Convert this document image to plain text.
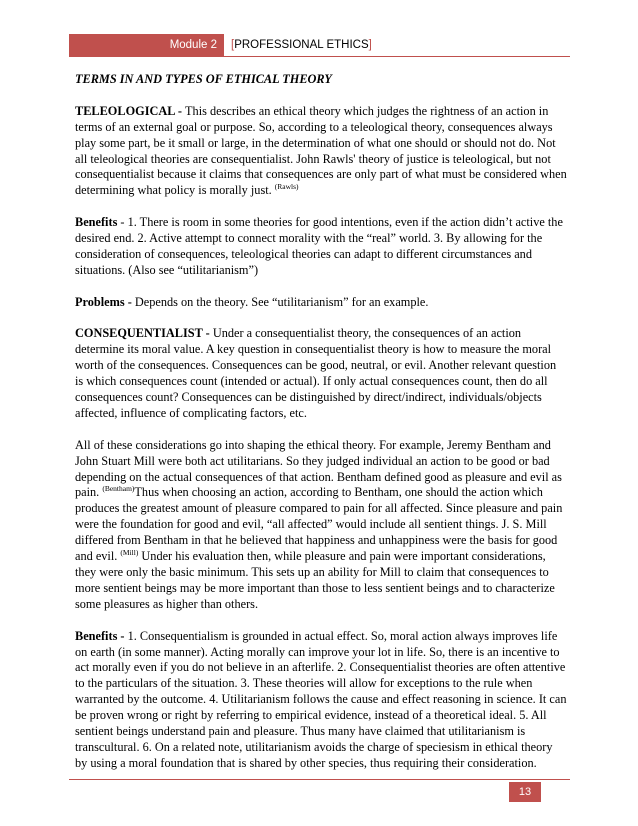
Module 2	[PROFESSIONAL ETHICS]

TERMS IN AND TYPES OF ETHICAL THEORY

TELEOLOGICAL - This describes an ethical theory which judges the rightness of an action in terms of an external goal or purpose. So, according to a teleological theory, consequences always play some part, be it small or large, in the determination of what one should or should not do. Not all teleological theories are consequentialist. John Rawls' theory of justice is teleological, but not consequentialist because it claims that consequences are only part of what must be considered when determining what policy is morally just. $^{(Rawls)}$

Benefits - 1. There is room in some theories for good intentions, even if the action didn’t active the desired end. 2. Active attempt to connect morality with the “real” world. 3. By allowing for the consideration of consequences, teleological theories can adapt to different circumstances and situations. (Also see “utilitarianism”)

Problems - Depends on the theory. See “utilitarianism” for an example.

CONSEQUENTIALIST - Under a consequentialist theory, the consequences of an action determine its moral value. A key question in consequentialist theory is how to measure the moral worth of the consequences. Consequences can be good, neutral, or evil. Another relevant question is which consequences count (intended or actual). If only actual consequences count, then do all consequences count? Consequences can be distinguished by direct/indirect, individuals/objects affected, influence of complicating factors, etc.

All of these considerations go into shaping the ethical theory. For example, Jeremy Bentham and John Stuart Mill were both act utilitarians. So they judged individual an action to be good or bad depending on the actual consequences of that action. Bentham defined good as pleasure and evil as pain. $^{(Bentham)}$Thus when choosing an action, according to Bentham, one should the action which produces the greatest amount of pleasure compared to pain for all affected. Since pleasure and pain were the foundation for good and evil, “all affected” would include all sentient things. J. S. Mill differed from Bentham in that he believed that happiness and unhappiness were the basis for good and evil. $^{(Mill)}$ Under his evaluation then, while pleasure and pain were important considerations, they were only the basic minimum. This sets up an ability for Mill to claim that consequences to more sentient beings may be more important than those to less sentient beings and to characterize some pleasures as higher than others.

Benefits - 1. Consequentialism is grounded in actual effect. So, moral action always improves life on earth (in some manner). Acting morally can improve your lot in life. So, there is an incentive to act morally even if you do not believe in an afterlife. 2. Consequentialist theories are often attentive to the particulars of the situation. 3. These theories will allow for exceptions to the rule when warranted by the outcome. 4. Utilitarianism follows the cause and effect reasoning in science. It can be proven wrong or right by referring to empirical evidence, instead of a theoretical ideal. 5. All sentient beings understand pain and pleasure. Thus many have claimed that utilitarianism is transcultural. 6. On a related note, utilitarianism avoids the charge of speciesism in ethical theory by using a moral foundation that is shared by other species, thus requiring their consideration.

13
